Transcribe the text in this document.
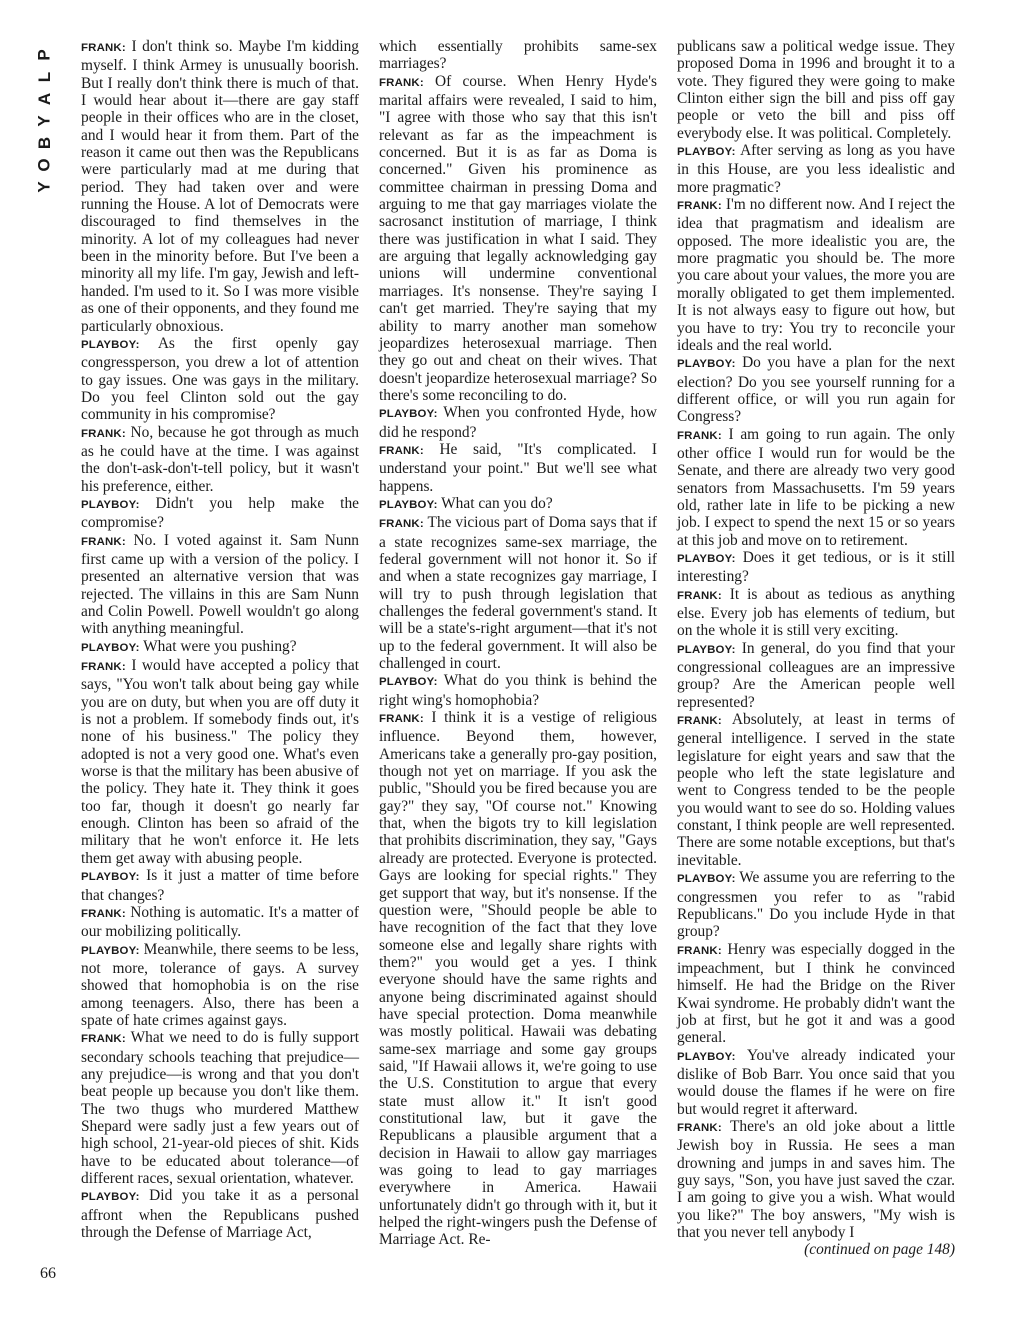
P
L
A
Y
B
O
Y

FRANK: I don't think so. Maybe I'm kidding myself. I think Armey is unusually boorish. But I really don't think there is much of that. I would hear about it—there are gay staff people in their offices who are in the closet, and I would hear it from them. Part of the reason it came out then was the Republicans were particularly mad at me during that period. They had taken over and were running the House. A lot of Democrats were discouraged to find themselves in the minority. A lot of my colleagues had never been in the minority before. But I've been a minority all my life. I'm gay, Jewish and left-handed. I'm used to it. So I was more visible as one of their opponents, and they found me particularly obnoxious.

PLAYBOY: As the first openly gay congressperson, you drew a lot of attention to gay issues. One was gays in the military. Do you feel Clinton sold out the gay community in his compromise?

FRANK: No, because he got through as much as he could have at the time. I was against the don't-ask-don't-tell policy, but it wasn't his preference, either.

PLAYBOY: Didn't you help make the compromise?

FRANK: No. I voted against it. Sam Nunn first came up with a version of the policy. I presented an alternative version that was rejected. The villains in this are Sam Nunn and Colin Powell. Powell wouldn't go along with anything meaningful.

PLAYBOY: What were you pushing?

FRANK: I would have accepted a policy that says, "You won't talk about being gay while you are on duty, but when you are off duty it is not a problem. If somebody finds out, it's none of his business." The policy they adopted is not a very good one. What's even worse is that the military has been abusive of the policy. They hate it. They think it goes too far, though it doesn't go nearly far enough. Clinton has been so afraid of the military that he won't enforce it. He lets them get away with abusing people.

PLAYBOY: Is it just a matter of time before that changes?

FRANK: Nothing is automatic. It's a matter of our mobilizing politically.

PLAYBOY: Meanwhile, there seems to be less, not more, tolerance of gays. A survey showed that homophobia is on the rise among teenagers. Also, there has been a spate of hate crimes against gays.

FRANK: What we need to do is fully support secondary schools teaching that prejudice—any prejudice—is wrong and that you don't beat people up because you don't like them. The two thugs who murdered Matthew Shepard were sadly just a few years out of high school, 21-year-old pieces of shit. Kids have to be educated about tolerance—of different races, sexual orientation, whatever.

PLAYBOY: Did you take it as a personal affront when the Republicans pushed through the Defense of Marriage Act,

which essentially prohibits same-sex marriages?

FRANK: Of course. When Henry Hyde's marital affairs were revealed, I said to him, "I agree with those who say that this isn't relevant as far as the impeachment is concerned. But it is as far as Doma is concerned." Given his prominence as committee chairman in pressing Doma and arguing to me that gay marriages violate the sacrosanct institution of marriage, I think there was justification in what I said. They are arguing that legally acknowledging gay unions will undermine conventional marriages. It's nonsense. They're saying I can't get married. They're saying that my ability to marry another man somehow jeopardizes heterosexual marriage. Then they go out and cheat on their wives. That doesn't jeopardize heterosexual marriage? So there's some reconciling to do.

PLAYBOY: When you confronted Hyde, how did he respond?

FRANK: He said, "It's complicated. I understand your point." But we'll see what happens.

PLAYBOY: What can you do?

FRANK: The vicious part of Doma says that if a state recognizes same-sex marriage, the federal government will not honor it. So if and when a state recognizes gay marriage, I will try to push through legislation that challenges the federal government's stand. It will be a state's-right argument—that it's not up to the federal government. It will also be challenged in court.

PLAYBOY: What do you think is behind the right wing's homophobia?

FRANK: I think it is a vestige of religious influence. Beyond them, however, Americans take a generally pro-gay position, though not yet on marriage. If you ask the public, "Should you be fired because you are gay?" they say, "Of course not." Knowing that, when the bigots try to kill legislation that prohibits discrimination, they say, "Gays already are protected. Everyone is protected. Gays are looking for special rights." They get support that way, but it's nonsense. If the question were, "Should people be able to have recognition of the fact that they love someone else and legally share rights with them?" you would get a yes. I think everyone should have the same rights and anyone being discriminated against should have special protection. Doma meanwhile was mostly political. Hawaii was debating same-sex marriage and some gay groups said, "If Hawaii allows it, we're going to use the U.S. Constitution to argue that every state must allow it." It isn't good constitutional law, but it gave the Republicans a plausible argument that a decision in Hawaii to allow gay marriages was going to lead to gay marriages everywhere in America. Hawaii unfortunately didn't go through with it, but it helped the right-wingers push the Defense of Marriage Act. Re-

publicans saw a political wedge issue. They proposed Doma in 1996 and brought it to a vote. They figured they were going to make Clinton either sign the bill and piss off gay people or veto the bill and piss off everybody else. It was political. Completely.

PLAYBOY: After serving as long as you have in this House, are you less idealistic and more pragmatic?

FRANK: I'm no different now. And I reject the idea that pragmatism and idealism are opposed. The more idealistic you are, the more pragmatic you should be. The more you care about your values, the more you are morally obligated to get them implemented. It is not always easy to figure out how, but you have to try: You try to reconcile your ideals and the real world.

PLAYBOY: Do you have a plan for the next election? Do you see yourself running for a different office, or will you run again for Congress?

FRANK: I am going to run again. The only other office I would run for would be the Senate, and there are already two very good senators from Massachusetts. I'm 59 years old, rather late in life to be picking a new job. I expect to spend the next 15 or so years at this job and move on to retirement.

PLAYBOY: Does it get tedious, or is it still interesting?

FRANK: It is about as tedious as anything else. Every job has elements of tedium, but on the whole it is still very exciting.

PLAYBOY: In general, do you find that your congressional colleagues are an impressive group? Are the American people well represented?

FRANK: Absolutely, at least in terms of general intelligence. I served in the state legislature for eight years and saw that the people who left the state legislature and went to Congress tended to be the people you would want to see do so. Holding values constant, I think people are well represented. There are some notable exceptions, but that's inevitable.

PLAYBOY: We assume you are referring to the congressmen you refer to as "rabid Republicans." Do you include Hyde in that group?

FRANK: Henry was especially dogged in the impeachment, but I think he convinced himself. He had the Bridge on the River Kwai syndrome. He probably didn't want the job at first, but he got it and was a good general.

PLAYBOY: You've already indicated your dislike of Bob Barr. You once said that you would douse the flames if he were on fire but would regret it afterward.

FRANK: There's an old joke about a little Jewish boy in Russia. He sees a man drowning and jumps in and saves him. The guy says, "Son, you have just saved the czar. I am going to give you a wish. What would you like?" The boy answers, "My wish is that you never tell anybody I

(continued on page 148)

66
